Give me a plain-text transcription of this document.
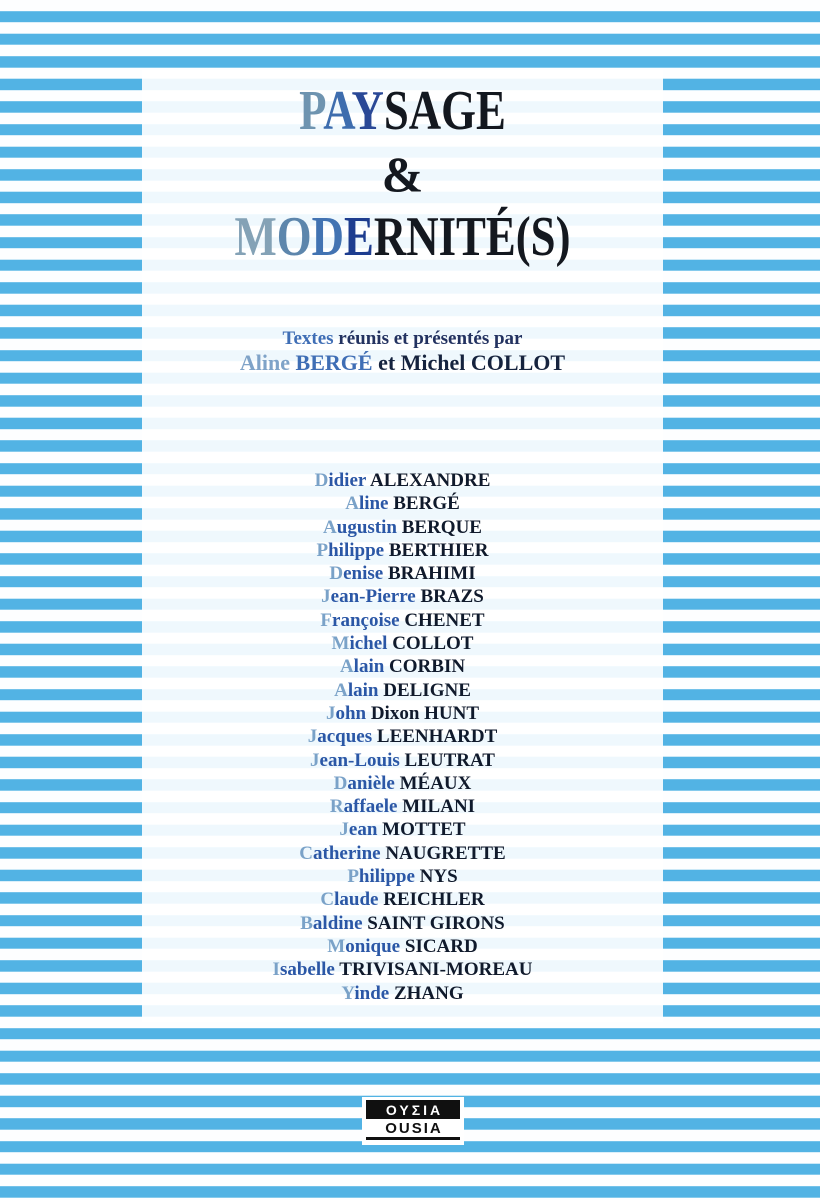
PAYSAGE
&
MODERNITÉ(S)
Textes réunis et présentés par
Aline BERGÉ et Michel COLLOT
Didier ALEXANDRE
Aline BERGÉ
Augustin BERQUE
Philippe BERTHIER
Denise BRAHIMI
Jean-Pierre BRAZS
Françoise CHENET
Michel COLLOT
Alain CORBIN
Alain DELIGNE
John Dixon HUNT
Jacques LEENHARDT
Jean-Louis LEUTRAT
Danièle MÉAUX
Raffaele MILANI
Jean MOTTET
Catherine NAUGRETTE
Philippe NYS
Claude REICHLER
Baldine SAINT GIRONS
Monique SICARD
Isabelle TRIVISANI-MOREAU
Yinde ZHANG
ΟΥΣΙΑ
OUSIA
